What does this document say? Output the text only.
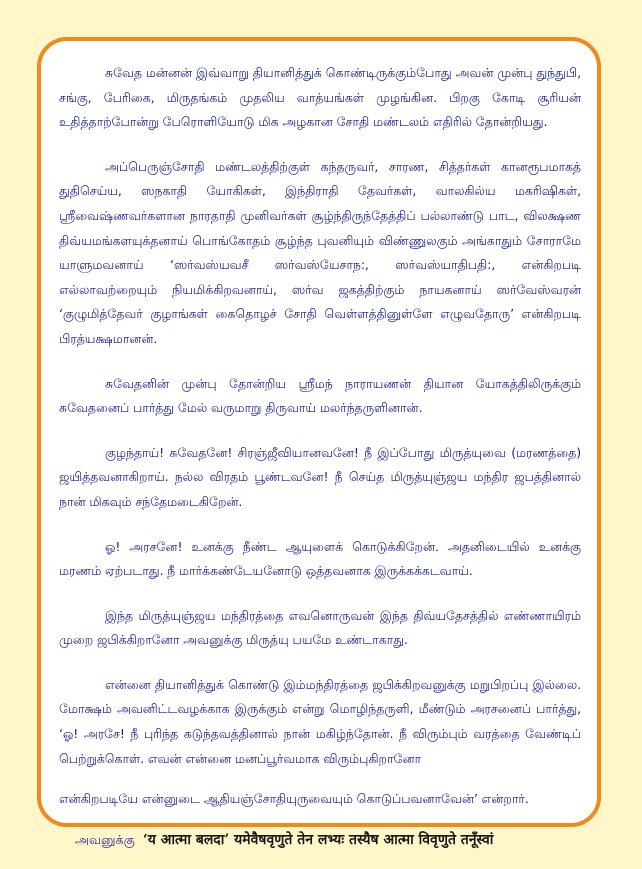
சுவேத மன்னன் இவ்வாறு தியானித்துக் கொண்டிருக்கும்போது அவன் முன்பு துந்துபி, சங்கு, பேரிகை, மிருதங்கம் முதலிய வாத்யங்கள் முழங்கின. பிறகு கோடி சூரியன் உதித்தாற்போன்று பேரொளியோடு மிக அழகான சோதி மண்டலம் எதிரில் தோன்றியது.

அப்பெருஞ்சோதி மண்டலத்திற்குள் கந்தருவர், சாரண, சித்தர்கள் கானரூபமாகத் துதிசெய்ய, ஸநகாதி யோகிகள், இந்திராதி தேவர்கள், வாலகில்ய மகரிஷிகள், ஸ்ரீவைஷ்ணவர்களான நாரதாதி முனிவர்கள் சூழ்ந்திருந்தேத்திப் பல்லாண்டு பாட, விலக்ஷண திவ்யமங்களயுக்தனாய் பொங்கோதம் சூழ்ந்த புவனியும் விண்ணுலகும் அங்காதும் சோராமே யாளுமவனாய் ‘ஸர்வஸ்யவசீ ஸர்வஸ்யேசாந:, ஸர்வஸ்யாதிபதி:, என்கிறபடி எல்லாவற்றையும் நியமிக்கிறவனாய், ஸர்வ ஜகத்திற்கும் நாயகனாய் ஸர்வேஸ்வரன் ‘குழுமித்தேவர் குழாங்கள் கைதொழச் சோதி வெள்ளத்தினுள்ளே எழுவதோரு’ என்கிறபடி பிரத்யக்ஷமானன்.

சுவேதனின் முன்பு தோன்றிய ஸ்ரீமந் நாராயணன் தியான யோகத்திலிருக்கும் சுவேதனைப் பார்த்து மேல் வருமாறு திருவாய் மலர்ந்தருளினான்.

குழந்தாய்! சுவேதனே! சிரஞ்ஜீவியானவனே! நீ இப்போது மிருத்யுவை (மரணத்தை) ஜயித்தவனாகிறாய். நல்ல விரதம் பூண்டவனே! நீ செய்த மிருத்யுஞ்ஜய மந்திர ஜபத்தினால் நான் மிகவும் சந்தேமடைகிறேன்.

ஓ! அரசனே! உனக்கு நீண்ட ஆயுளைக் கொடுக்கிறேன். அதனிடையில் உனக்கு மரணம் ஏற்படாது. நீ மார்க்கண்டேயனோடு ஒத்தவனாக இருக்கக்கடவாய்.

இந்த மிருத்யுஞ்ஜய மந்திரத்தை எவனொருவன் இந்த திவ்யதேசத்தில் எண்ணாயிரம் முறை ஜபிக்கிறானோ அவனுக்கு மிருத்யு பயமே உண்டாகாது.

என்னை தியானித்துக் கொண்டு இம்மந்திரத்தை ஜபிக்கிறவனுக்கு மறுபிறப்பு இல்லை. மோக்ஷம் அவனிட்டவழக்காக இருக்கும் என்று மொழிந்தருளி, மீண்டும் அரசனைப் பார்த்து, ‘ஓ! அரசே! நீ புரிந்த கடுந்தவத்தினால் நான் மகிழ்ந்தோன். நீ விரும்பும் வரத்தை வேண்டிப் பெற்றுக்கொள். எவன் என்னை மனப்பூர்வமாக விரும்புகிறானோ

என்கிறபடியே என்னுடை ஆதியஞ்சோதியுருவையும் கொடுப்பவனாவேன்’ என்றார்.

அவனுக்கு ‘य आत्मा बलदा’ यमेवैषवृणुते तेन लभ्यः तस्यैष आत्मा विवृणुते तनूँस्वां
